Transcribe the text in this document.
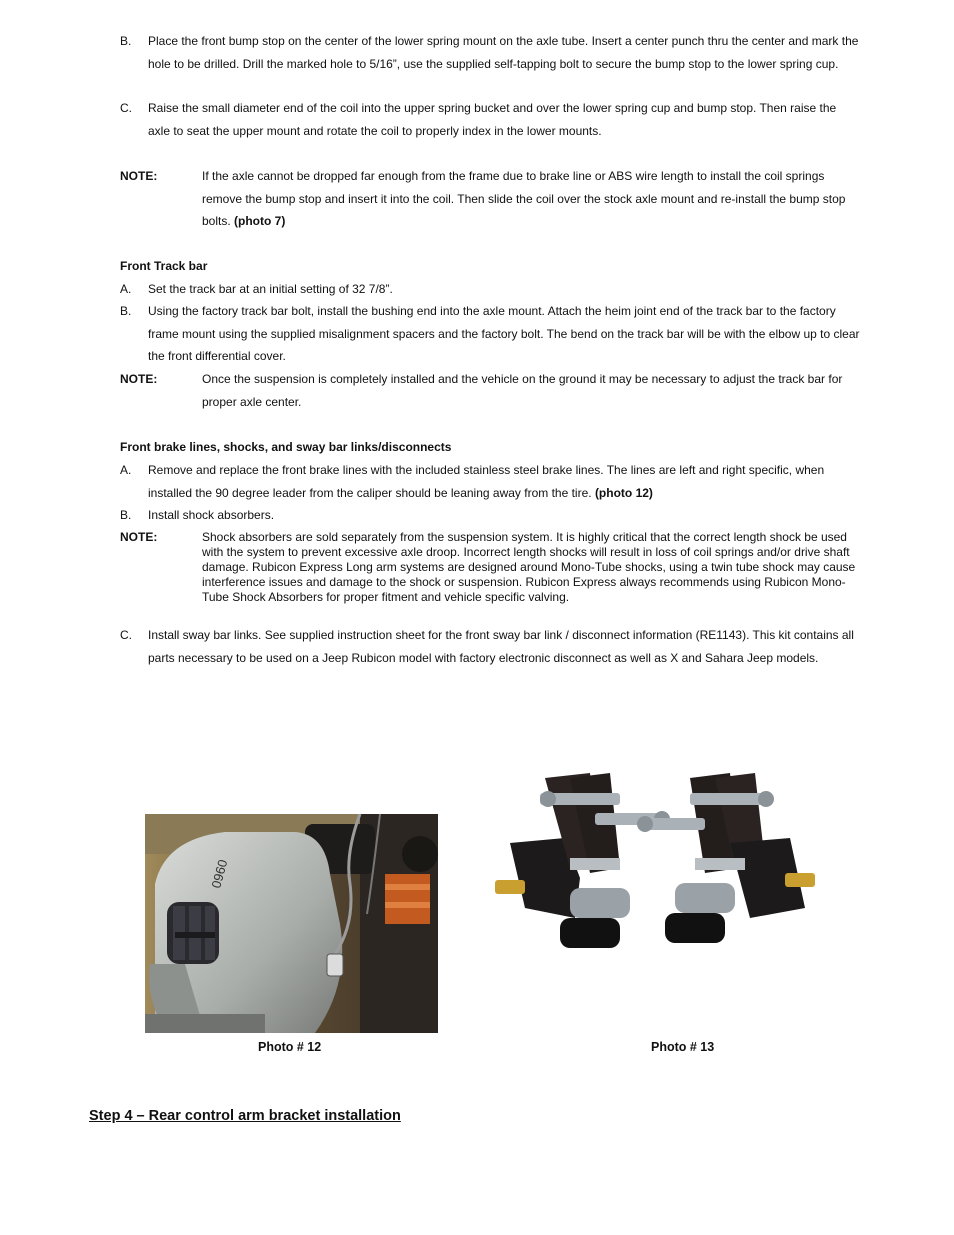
B. Place the front bump stop on the center of the lower spring mount on the axle tube. Insert a center punch thru the center and mark the hole to be drilled. Drill the marked hole to 5/16”, use the supplied self-tapping bolt to secure the bump stop to the lower spring cup.
C. Raise the small diameter end of the coil into the upper spring bucket and over the lower spring cup and bump stop. Then raise the axle to seat the upper mount and rotate the coil to properly index in the lower mounts.
NOTE:	If the axle cannot be dropped far enough from the frame due to brake line or ABS wire length to install the coil springs remove the bump stop and insert it into the coil. Then slide the coil over the stock axle mount and re-install the bump stop bolts. (photo 7)
Front Track bar
A. Set the track bar at an initial setting of 32 7/8”.
B. Using the factory track bar bolt, install the bushing end into the axle mount. Attach the heim joint end of the track bar to the factory frame mount using the supplied misalignment spacers and the factory bolt. The bend on the track bar will be with the elbow up to clear the front differential cover.
NOTE:	Once the suspension is completely installed and the vehicle on the ground it may be necessary to adjust the track bar for proper axle center.
Front brake lines, shocks, and sway bar links/disconnects
A. Remove and replace the front brake lines with the included stainless steel brake lines. The lines are left and right specific, when installed the 90 degree leader from the caliper should be leaning away from the tire. (photo 12)
B. Install shock absorbers.
NOTE:	Shock absorbers are sold separately from the suspension system. It is highly critical that the correct length shock be used with the system to prevent excessive axle droop. Incorrect length shocks will result in loss of coil springs and/or drive shaft damage. Rubicon Express Long arm systems are designed around Mono-Tube shocks, using a twin tube shock may cause interference issues and damage to the shock or suspension. Rubicon Express always recommends using Rubicon Mono-Tube Shock Absorbers for proper fitment and vehicle specific valving.
C. Install sway bar links. See supplied instruction sheet for the front sway bar link / disconnect information (RE1143). This kit contains all parts necessary to be used on a Jeep Rubicon model with factory electronic disconnect as well as X and Sahara Jeep models.
0960
Photo # 12	Photo # 13
Step 4 – Rear control arm bracket installation
